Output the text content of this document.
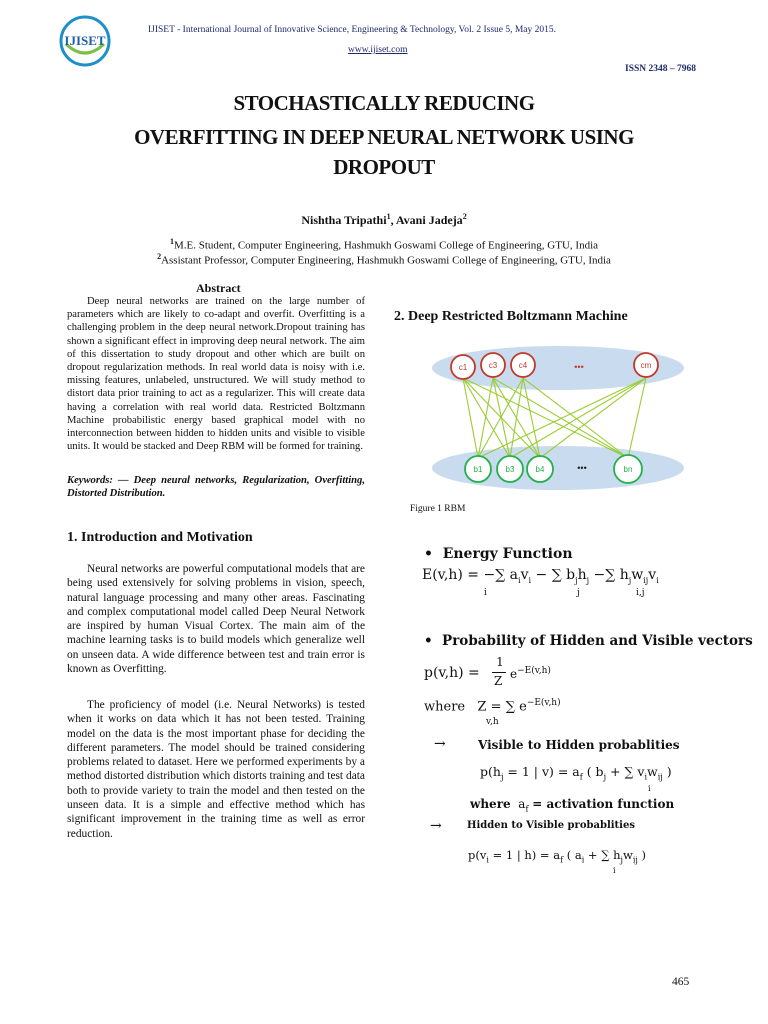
IJISET
IJISET - International Journal of Innovative Science, Engineering & Technology, Vol. 2 Issue 5, May 2015.
www.ijiset.com
ISSN 2348 – 7968
STOCHASTICALLY REDUCING
OVERFITTING IN DEEP NEURAL NETWORK USING
DROPOUT
Nishtha Tripathi$^1$, Avani Jadeja$^2$
$^1$M.E. Student, Computer Engineering, Hashmukh Goswami College of Engineering, GTU, India
$^2$Assistant Professor, Computer Engineering, Hashmukh Goswami College of Engineering, GTU, India
Abstract
Deep neural networks are trained on the large number of parameters which are likely to co-adapt and overfit. Overfitting is a challenging problem in the deep neural network.Dropout training has shown a significant effect in improving deep neural network. The aim of this dissertation to study dropout and other which are built on dropout regularization methods. In real world data is noisy with i.e. missing features, unlabeled, unstructured. We will study method to distort data prior training to act as a regularizer. This will create data having a correlation with real world data. Restricted Boltzmann Machine probabilistic energy based graphical model with no interconnection between hidden to hidden units and visible to visible units. It would be stacked and Deep RBM will be formed for training.
Keywords: — Deep neural networks, Regularization, Overfitting, Distorted Distribution.
1. Introduction and Motivation
Neural networks are powerful computational models that are being used extensively for solving problems in vision, speech, natural language processing and many other areas. Fascinating and complex computational model called Deep Neural Network are inspired by human Visual Cortex. The main aim of the machine learning tasks is to build models which generalize well on unseen data. A wide difference between test and train error is known as Overfitting.
The proficiency of model (i.e. Neural Networks) is tested when it works on data which it has not been tested. Training model on the data is the most important phase for deciding the different parameters. The model should be trained considering problems related to dataset. Here we performed experiments by a method distorted distribution which distorts training and test data both to provide variety to train the model and then tested on the unseen data. It is a simple and effective method which has significant improvement in the training time as well as error reduction.
2. Deep Restricted Boltzmann Machine
c1	c3	c4	cm
•••
b1	b3	b4	bn
•••
Figure 1 RBM
• Energy Function
E(v,h) = −∑ $a_iv_i$ − ∑ $b_jh_j$ −∑ $h_jw_{ij}v_i$
i	j	i,j
• Probability of Hidden and Visible vectors
p(v,h) =
1
Z $e^{-E(v,h)}$
where   Z = ∑ $e^{-E(v,h)}$
v,h
→	Visible to Hidden probablities
$p(h_j = 1$ | $v) = a_f$ ( $b_j$ + ∑ $v_iw_{ij}$ )
i
where  $a_f$ = activation function
→	Hidden to Visible probablities
$p(v_i = 1$ | $h) = a_f$ ( $a_i$ + ∑ $h_jw_{ij}$ )
i
465
